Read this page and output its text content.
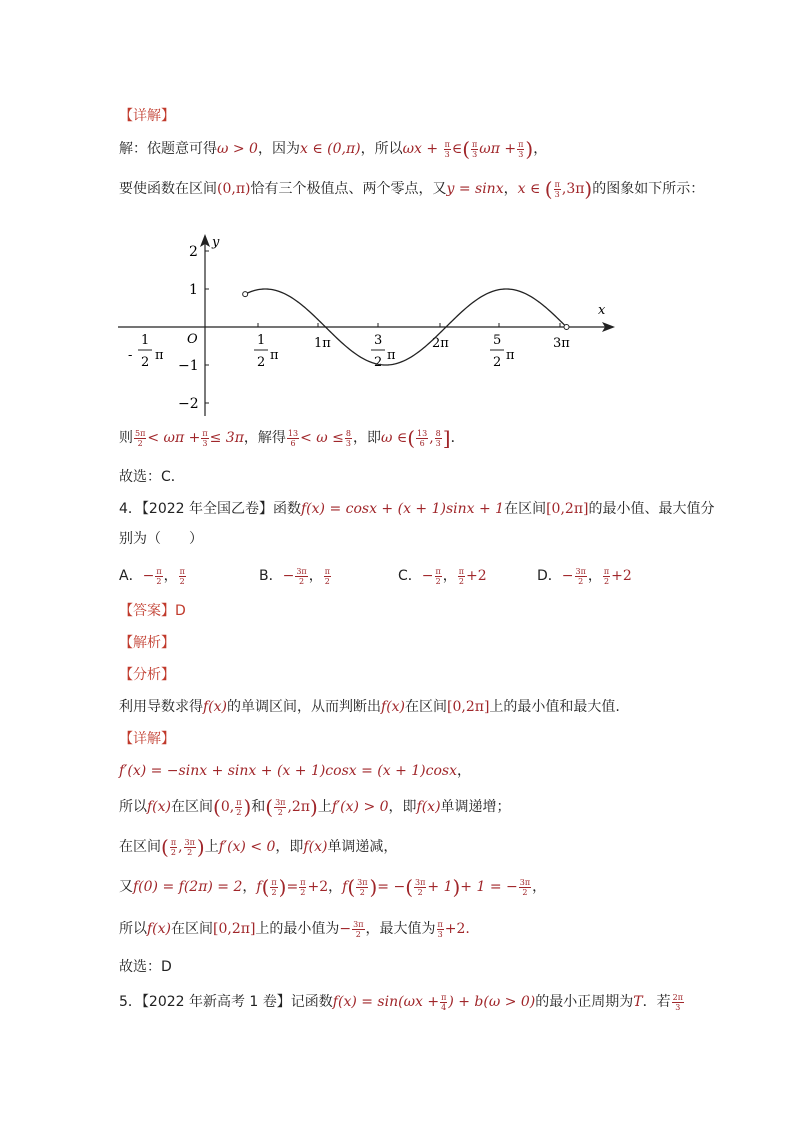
【详解】
解：依题意可得ω > 0，因为x ∈ (0,π)，所以$\omega x + \frac{\pi}{3}$ ∈( $\frac{\pi}{3}$ $\omega\pi + \frac{\pi}{3}$ )，
要使函数在区间(0,π)恰有三个极值点、两个零点，又y = sinx，x ∈ ( $\frac{\pi}{3} ,3\pi$)的图象如下所示：
y
x
O
2
1
−1
−2
1
- 2 π
1
2 π
1π	3
2 π
2π	5
2 π
3π
则 $\frac{5\pi}{2} < \omega\pi + \frac{\pi}{3} \le 3\pi$，解得 $\frac{13}{6} < \omega \le \frac{8}{3}$ ，即ω ∈( $\frac{13}{6}$ , $\frac{8}{3}$ ]．
故选：C．
4．【2022 年全国乙卷】函数f(x) = cosx + (x + 1)sinx + 1在区间[0,2π]的最小值、最大值分
别为（　　）
A．− $\frac{\pi}{2}$ ， $\frac{\pi}{2}$	B．− $\frac{3\pi}{2}$ ， $\frac{\pi}{2}$	C．− $\frac{\pi}{2}$ ， $\frac{\pi}{2} +2$	D．− $\frac{3\pi}{2}$ ， $\frac{\pi}{2} +2$
【答案】D
【解析】
【分析】
利用导数求得f(x)的单调区间，从而判断出f(x)在区间[0,2π]上的最小值和最大值.
【详解】
f′(x) = −sinx + sinx + (x + 1)cosx = (x + 1)cosx，
所以f(x)在区间(0, $\frac{\pi}{2}$ )和( $\frac{3\pi}{2} ,2\pi$)上f′(x) > 0，即f(x)单调递增；
在区间( $\frac{\pi}{2}$ , $\frac{3\pi}{2}$ )上f′(x) < 0，即f(x)单调递减，
又f(0) = f(2π) = 2，$f( \frac{\pi}{2}$ )= $\frac{\pi}{2} +2$，$f( \frac{3\pi}{2}$ )= −( $\frac{3\pi}{2} + 1)+ 1$ = − $\frac{3\pi}{2}$ ，
所以f(x)在区间[0,2π]上的最小值为− $\frac{3\pi}{2}$ ，最大值为 $\frac{\pi}{3} +2$.
故选：D
5．【2022 年新高考 1 卷】记函数$f(x) = \sin(\omega x + \frac{\pi}{4}$ ) + b(ω > 0)的最小正周期为T．若 $\frac{2\pi}{3}$
